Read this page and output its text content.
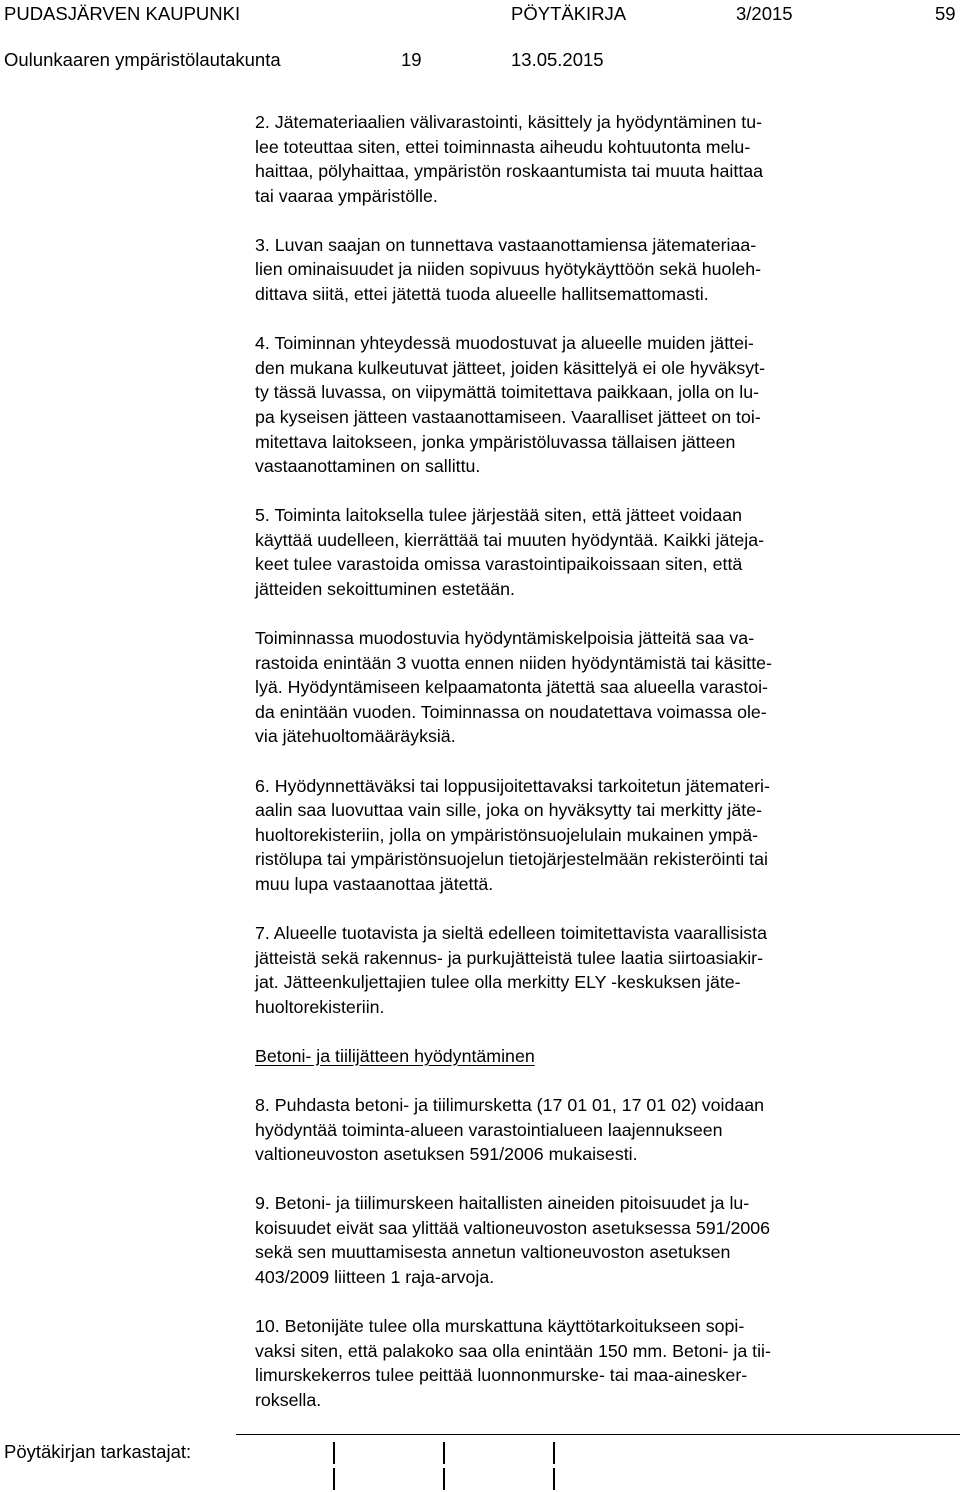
PUDASJÄRVEN KAUPUNKI	PÖYTÄKIRJA	3/2015	59
Oulunkaaren ympäristölautakunta	19	13.05.2015
2. Jätemateriaalien välivarastointi, käsittely ja hyödyntäminen tu-
lee toteuttaa siten, ettei toiminnasta aiheudu kohtuutonta melu-
haittaa, pölyhaittaa, ympäristön roskaantumista tai muuta haittaa
tai vaaraa ympäristölle.
3. Luvan saajan on tunnettava vastaanottamiensa jätemateriaa-
lien ominaisuudet ja niiden sopivuus hyötykäyttöön sekä huoleh-
dittava siitä, ettei jätettä tuoda alueelle hallitsemattomasti.
4. Toiminnan yhteydessä muodostuvat ja alueelle muiden jättei-
den mukana kulkeutuvat jätteet, joiden käsittelyä ei ole hyväksyt-
ty tässä luvassa, on viipymättä toimitettava paikkaan, jolla on lu-
pa kyseisen jätteen vastaanottamiseen. Vaaralliset jätteet on toi-
mitettava laitokseen, jonka ympäristöluvassa tällaisen jätteen
vastaanottaminen on sallittu.
5. Toiminta laitoksella tulee järjestää siten, että jätteet voidaan
käyttää uudelleen, kierrättää tai muuten hyödyntää. Kaikki jäteja-
keet tulee varastoida omissa varastointipaikoissaan siten, että
jätteiden sekoittuminen estetään.
Toiminnassa muodostuvia hyödyntämiskelpoisia jätteitä saa va-
rastoida enintään 3 vuotta ennen niiden hyödyntämistä tai käsitte-
lyä. Hyödyntämiseen kelpaamatonta jätettä saa alueella varastoi-
da enintään vuoden. Toiminnassa on noudatettava voimassa ole-
via jätehuoltomääräyksiä.
6. Hyödynnettäväksi tai loppusijoitettavaksi tarkoitetun jätemateri-
aalin saa luovuttaa vain sille, joka on hyväksytty tai merkitty jäte-
huoltorekisteriin, jolla on ympäristönsuojelulain mukainen ympä-
ristölupa tai ympäristönsuojelun tietojärjestelmään rekisteröinti tai
muu lupa vastaanottaa jätettä.
7. Alueelle tuotavista ja sieltä edelleen toimitettavista vaarallisista
jätteistä sekä rakennus- ja purkujätteistä tulee laatia siirtoasiakir-
jat. Jätteenkuljettajien tulee olla merkitty ELY -keskuksen jäte-
huoltorekisteriin.
Betoni- ja tiilijätteen hyödyntäminen
8. Puhdasta betoni- ja tiilimursketta (17 01 01, 17 01 02) voidaan
hyödyntää toiminta-alueen varastointialueen laajennukseen
valtioneuvoston asetuksen 591/2006 mukaisesti.
9. Betoni- ja tiilimurskeen haitallisten aineiden pitoisuudet ja lu-
koisuudet eivät saa ylittää valtioneuvoston asetuksessa 591/2006
sekä sen muuttamisesta annetun valtioneuvoston asetuksen
403/2009 liitteen 1 raja-arvoja.
10. Betonijäte tulee olla murskattuna käyttötarkoitukseen sopi-
vaksi siten, että palakoko saa olla enintään 150 mm. Betoni- ja tii-
limurskekerros tulee peittää luonnonmurske- tai maa-ainesker-
roksella.
Pöytäkirjan tarkastajat:
